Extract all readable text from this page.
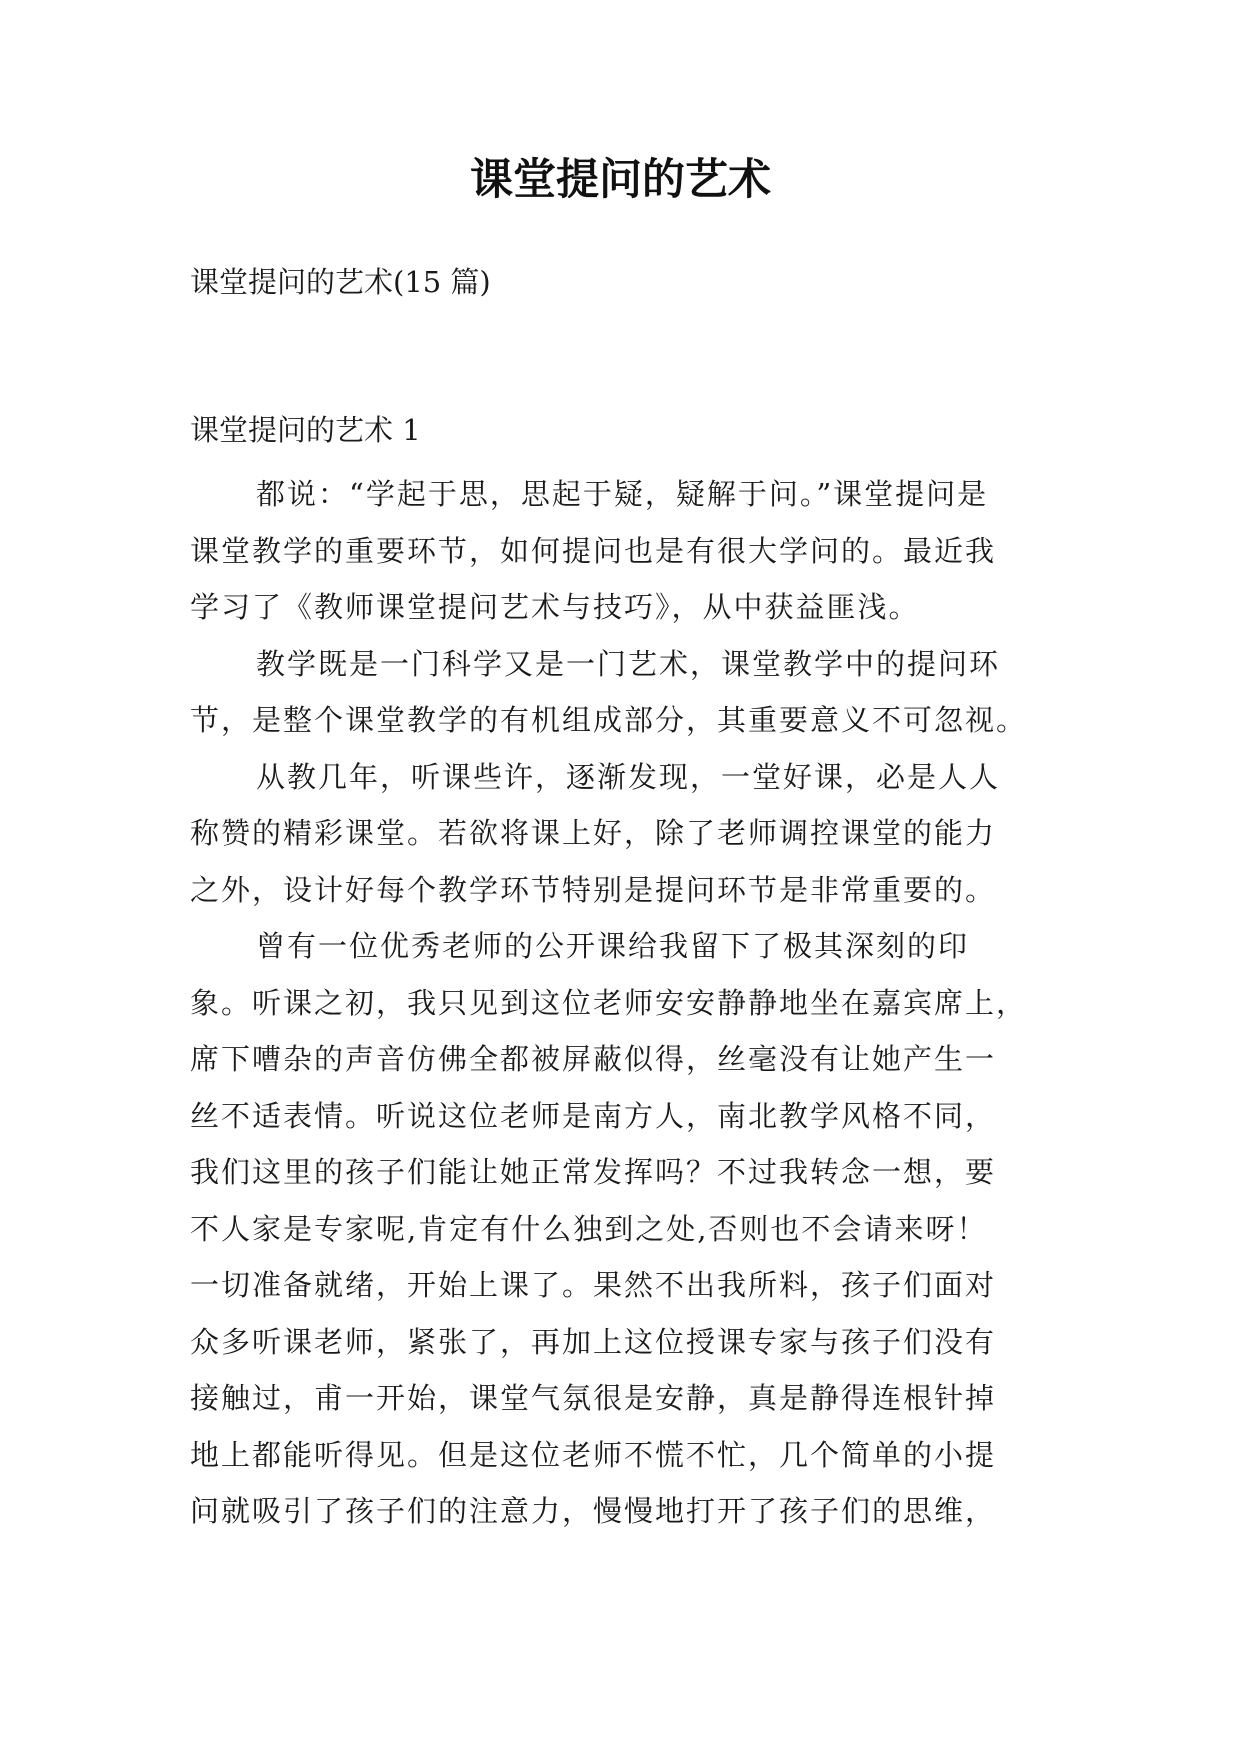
课堂提问的艺术

课堂提问的艺术(15 篇)

课堂提问的艺术 1

都说：“学起于思，思起于疑，疑解于问。”课堂提问是
课堂教学的重要环节，如何提问也是有很大学问的。最近我
学习了《教师课堂提问艺术与技巧》，从中获益匪浅。
教学既是一门科学又是一门艺术，课堂教学中的提问环
节，是整个课堂教学的有机组成部分，其重要意义不可忽视。
从教几年，听课些许，逐渐发现，一堂好课，必是人人
称赞的精彩课堂。若欲将课上好，除了老师调控课堂的能力
之外，设计好每个教学环节特别是提问环节是非常重要的。
曾有一位优秀老师的公开课给我留下了极其深刻的印
象。听课之初，我只见到这位老师安安静静地坐在嘉宾席上，
席下嘈杂的声音仿佛全都被屏蔽似得，丝毫没有让她产生一
丝不适表情。听说这位老师是南方人，南北教学风格不同，
我们这里的孩子们能让她正常发挥吗？不过我转念一想，要
不人家是专家呢,肯定有什么独到之处,否则也不会请来呀！
一切准备就绪，开始上课了。果然不出我所料，孩子们面对
众多听课老师，紧张了，再加上这位授课专家与孩子们没有
接触过，甫一开始，课堂气氛很是安静，真是静得连根针掉
地上都能听得见。但是这位老师不慌不忙，几个简单的小提
问就吸引了孩子们的注意力，慢慢地打开了孩子们的思维，
